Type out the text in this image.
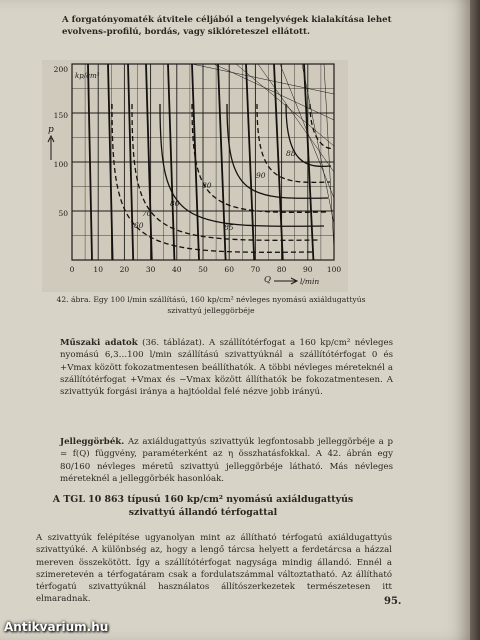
A forgatónyomaték átvitele céljából a tengelyvégek kialakítása lehet evolvens-profilú, bordás, vagy siklóreteszel ellátott.

200
150
100
50
kp/cm²
p
0	10 20 30 40 50 60 70 80 90 100
Q	l/min
60
70
80
80
85
90
88
42. ábra. Egy 100 l/min szállítású, 160 kp/cm² névleges nyomású axiáldugattyús szivattyú jelleggörbéje

Műszaki adatok (36. táblázat). A szállítótérfogat a 160 kp/cm² névleges nyomású 6,3…100 l/min szállítású szivattyúknál a szállítótérfogat 0 és +Vmax között fokozatmentesen beállíthatók. A többi névleges méreteknél a szállítótérfogat +Vmax és −Vmax között állíthatók be fokozatmentesen. A szivattyúk forgási iránya a hajtóoldal felé nézve jobb irányú.

Jelleggörbék. Az axiáldugattyús szivattyúk legfontosabb jelleggörbéje a p = f(Q) függvény, paraméterként az η összhatásfokkal. A 42. ábrán egy 80/160 névleges méretű szivattyú jelleggörbéje látható. Más névleges méreteknél a jelleggörbék hasonlóak.

A TGL 10 863 típusú 160 kp/cm² nyomású axiáldugattyús szivattyú állandó térfogattal

A szivattyúk felépítése ugyanolyan mint az állítható térfogatú axiáldugattyús szivattyúké. A különbség az, hogy a lengő tárcsa helyett a ferdetárcsa a házzal mereven összekötött. Így a szállítótérfogat nagysága mindig állandó. Ennél a szimeretevén a térfogatáram csak a fordulatszámmal változtatható. Az állítható térfogatú szivattyúknál használatos állítószerkezetek természetesen itt elmaradnak.	95.
Antikvarium.hu
